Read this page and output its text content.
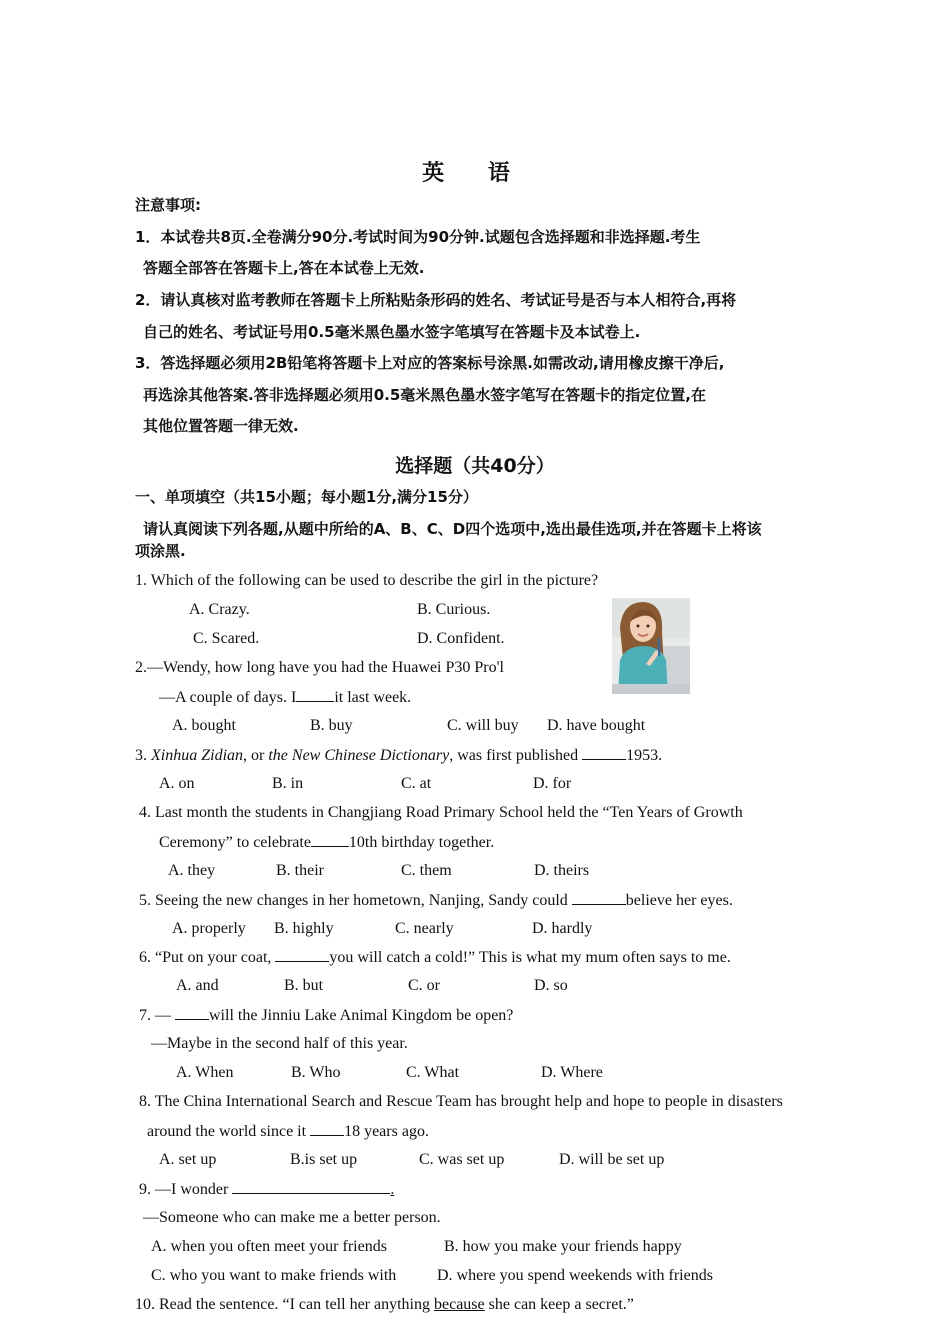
英 语
注意事项:
1．本试卷共8页.全卷满分90分.考试时间为90分钟.试题包含选择题和非选择题.考生
答题全部答在答题卡上,答在本试卷上无效.
2．请认真核对监考教师在答题卡上所粘贴条形码的姓名、考试证号是否与本人相符合,再将
自己的姓名、考试证号用0.5毫米黑色墨水签字笔填写在答题卡及本试卷上.
3．答选择题必须用2B铅笔将答题卡上对应的答案标号涂黑.如需改动,请用橡皮擦干净后,
再选涂其他答案.答非选择题必须用0.5毫米黑色墨水签字笔写在答题卡的指定位置,在
其他位置答题一律无效.
选择题（共40分）
一、单项填空（共15小题；每小题1分,满分15分）
请认真阅读下列各题,从题中所给的A、B、C、D四个选项中,选出最佳选项,并在答题卡上将该
项涂黑.
1. Which of the following can be used to describe the girl in the picture?
A. Crazy.	B. Curious.
C. Scared.	D. Confident.
2.—Wendy, how long have you had the Huawei P30 Pro'l
—A couple of days. I it last week.
A. bought	B. buy	C. will buy D. have bought
3. Xinhua Zidian, or the New Chinese Dictionary, was first published	1953.
A. on	B. in	C. at	D. for
4. Last month the students in Changjiang Road Primary School held the “Ten Years of Growth
Ceremony” to celebrate 10th birthday together.
A. they	B. their	C. them	D. theirs
5. Seeing the new changes in her hometown, Nanjing, Sandy could	believe her eyes.
A. properly B. highly	C. nearly	D. hardly
6. “Put on your coat,	you will catch a cold!” This is what my mum often says to me.
A. and	B. but	C. or	D. so
7. — will the Jinniu Lake Animal Kingdom be open?
—Maybe in the second half of this year.
A. When	B. Who	C. What	D. Where
8. The China International Search and Rescue Team has brought help and hope to people in disasters
around the world since it 18 years ago.
A. set up	B.is set up	C. was set up	D. will be set up
9. —I wonder	.
—Someone who can make me a better person.
A. when you often meet your friends	B. how you make your friends happy
C. who you want to make friends with	D. where you spend weekends with friends
10. Read the sentence. “I can tell her anything because she can keep a secret.”
